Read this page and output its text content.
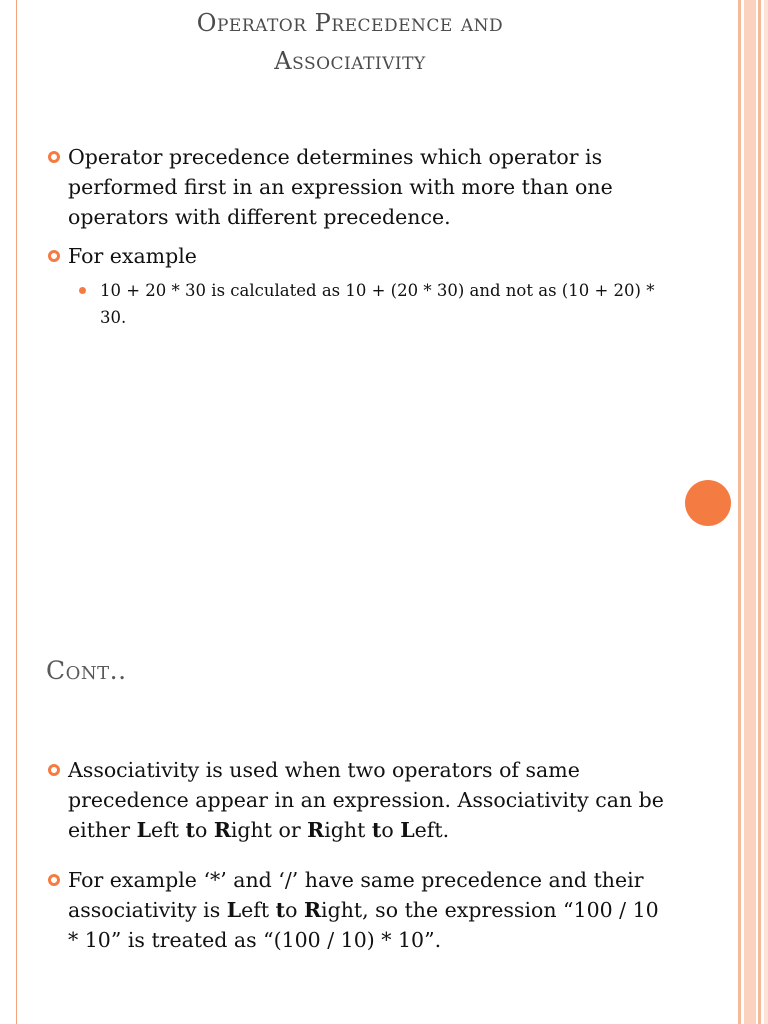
Operator Precedence and
Associativity
Operator precedence determines which operator is performed first in an expression with more than one operators with different precedence.
For example
10 + 20 * 30 is calculated as 10 + (20 * 30) and not as (10 + 20) * 30.
Cont..
Associativity is used when two operators of same precedence appear in an expression. Associativity can be either Left to Right or Right to Left.
For example ‘*’ and ‘/’ have same precedence and their associativity is Left to Right, so the expression “100 / 10 * 10” is treated as “(100 / 10) * 10”.
